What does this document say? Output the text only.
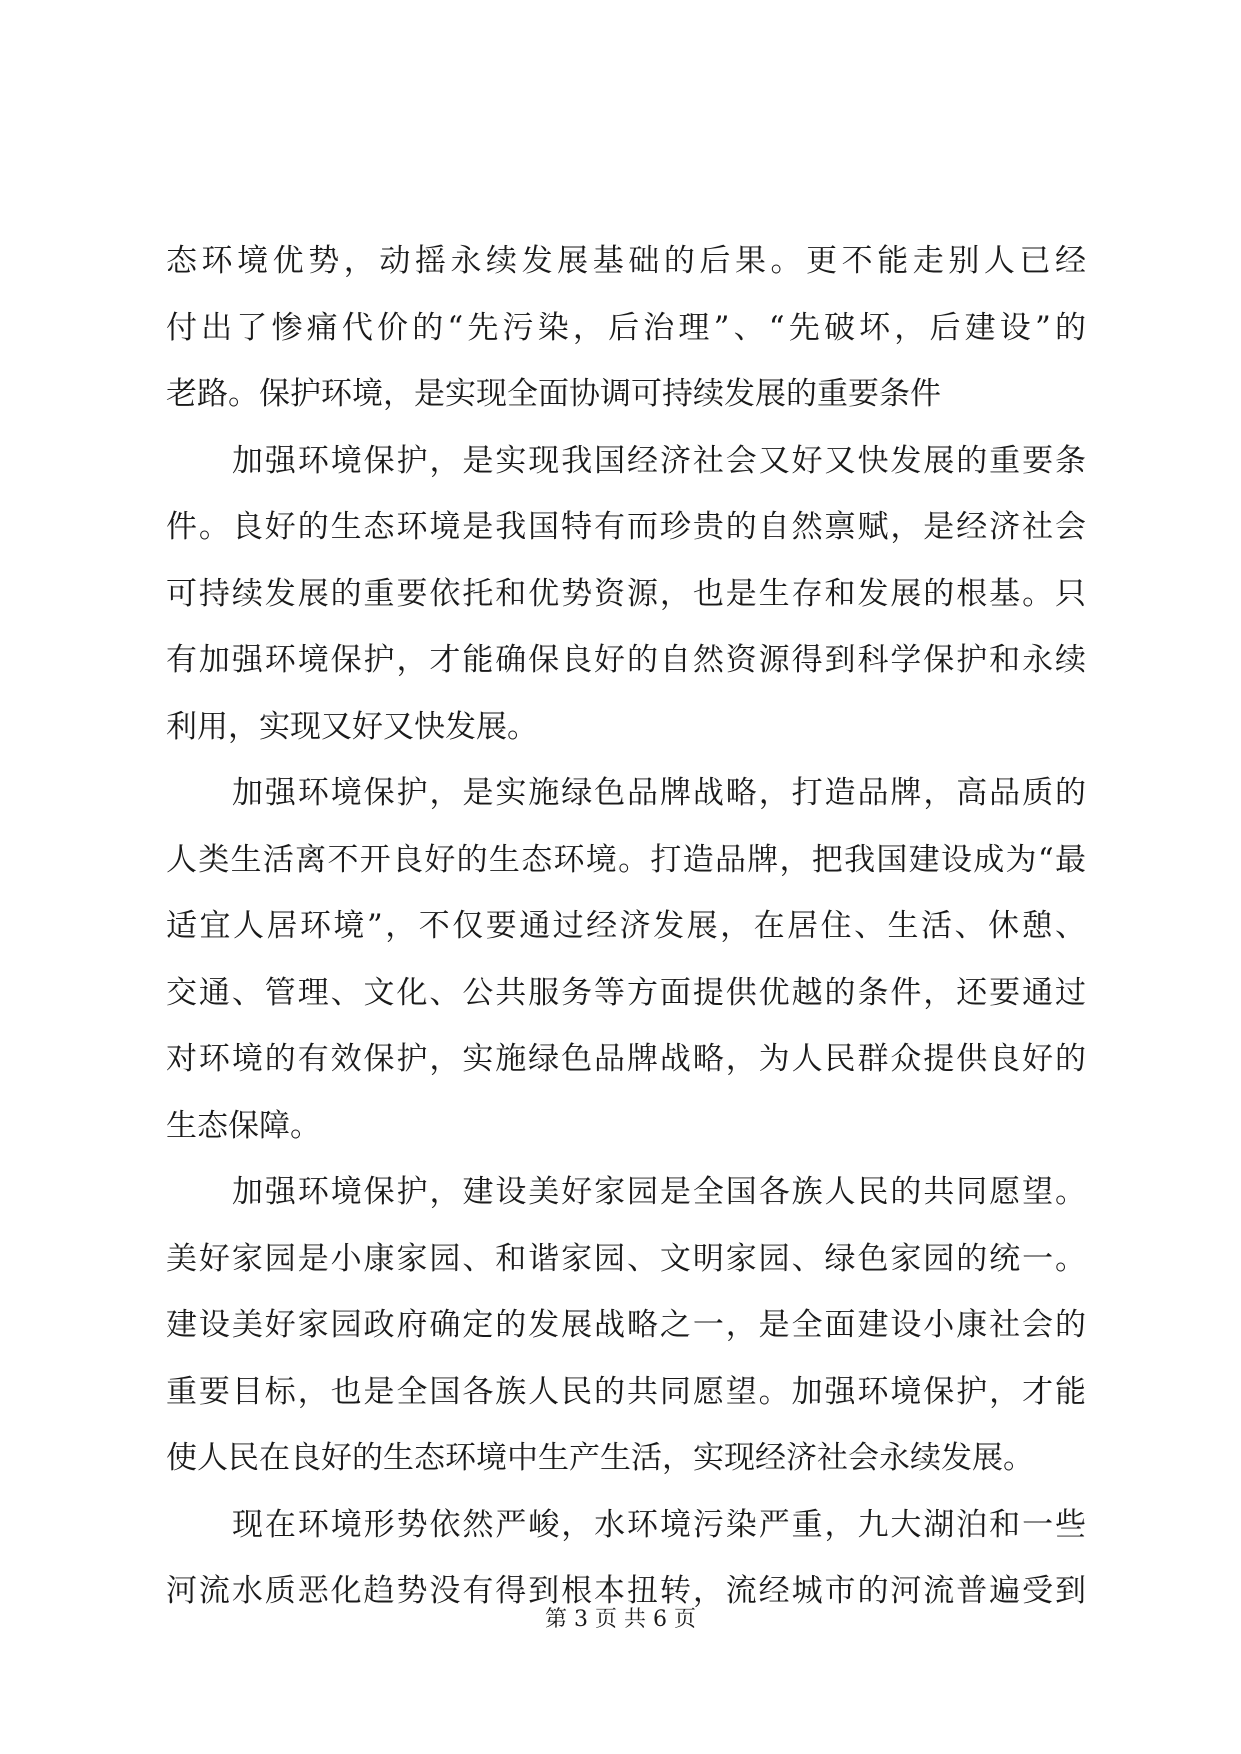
态环境优势，动摇永续发展基础的后果。更不能走别人已经
付出了惨痛代价的“先污染，后治理”、“先破坏，后建设”的
老路。保护环境，是实现全面协调可持续发展的重要条件
加强环境保护，是实现我国经济社会又好又快发展的重要条
件。良好的生态环境是我国特有而珍贵的自然禀赋，是经济社会
可持续发展的重要依托和优势资源，也是生存和发展的根基。只
有加强环境保护，才能确保良好的自然资源得到科学保护和永续
利用，实现又好又快发展。
加强环境保护，是实施绿色品牌战略，打造品牌，高品质的
人类生活离不开良好的生态环境。打造品牌，把我国建设成为“最
适宜人居环境”，不仅要通过经济发展，在居住、生活、休憩、
交通、管理、文化、公共服务等方面提供优越的条件，还要通过
对环境的有效保护，实施绿色品牌战略，为人民群众提供良好的
生态保障。
加强环境保护，建设美好家园是全国各族人民的共同愿望。
美好家园是小康家园、和谐家园、文明家园、绿色家园的统一。
建设美好家园政府确定的发展战略之一，是全面建设小康社会的
重要目标，也是全国各族人民的共同愿望。加强环境保护，才能
使人民在良好的生态环境中生产生活，实现经济社会永续发展。
现在环境形势依然严峻，水环境污染严重，九大湖泊和一些
河流水质恶化趋势没有得到根本扭转，流经城市的河流普遍受到
第 3 页 共 6 页
